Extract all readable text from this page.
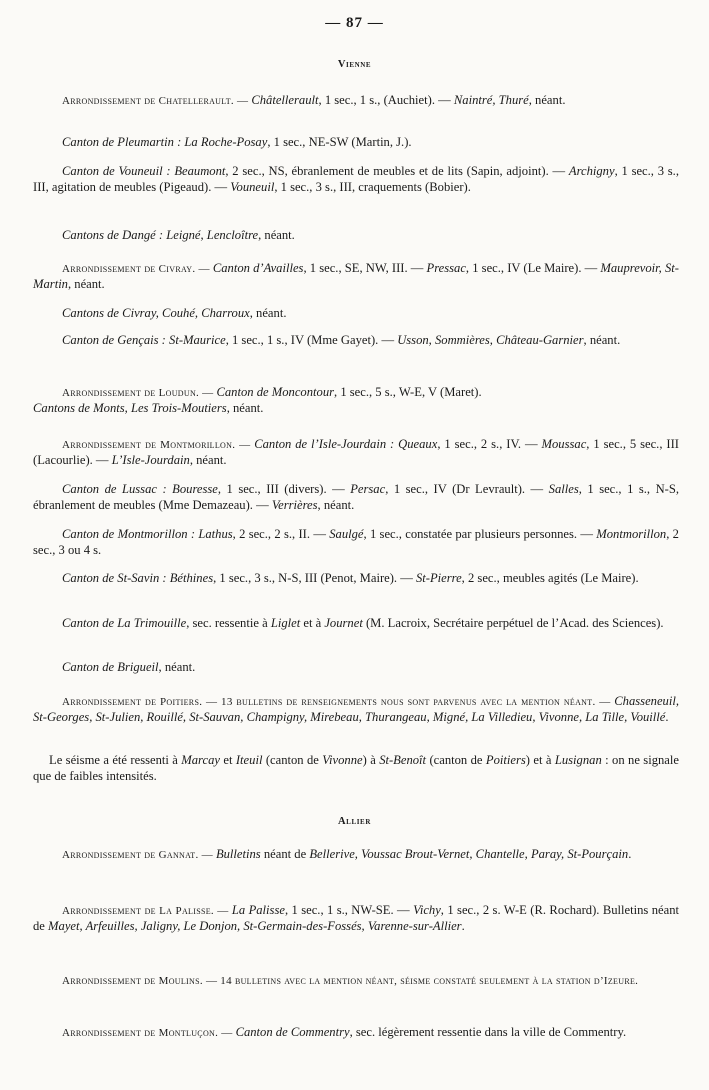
— 87 —
Vienne

Arrondissement de Chatellerault. — Châtellerault, 1 sec., 1 s., (Auchiet). — Naintré, Thuré, néant.

Canton de Pleumartin : La Roche-Posay, 1 sec., NE-SW (Martin, J.).

Canton de Vouneuil : Beaumont, 2 sec., NS, ébranlement de meubles et de lits (Sapin, adjoint). — Archigny, 1 sec., 3 s., III, agitation de meubles (Pigeaud). — Vouneuil, 1 sec., 3 s., III, craquements (Bobier).

Cantons de Dangé : Leigné, Lencloître, néant.

Arrondissement de Civray. — Canton d’Availles, 1 sec., SE, NW, III. — Pressac, 1 sec., IV (Le Maire). — Mauprevoir, St-Martin, néant.

Cantons de Civray, Couhé, Charroux, néant.

Canton de Gençais : St-Maurice, 1 sec., 1 s., IV (Mme Gayet). — Usson, Sommières, Château-Garnier, néant.

Arrondissement de Loudun. — Canton de Moncontour, 1 sec., 5 s., W-E, V (Maret).
Cantons de Monts, Les Trois-Moutiers, néant.

Arrondissement de Montmorillon. — Canton de l’Isle-Jourdain : Queaux, 1 sec., 2 s., IV. — Moussac, 1 sec., 5 sec., III (Lacourlie). — L’Isle-Jourdain, néant.

Canton de Lussac : Bouresse, 1 sec., III (divers). — Persac, 1 sec., IV (Dr Levrault). — Salles, 1 sec., 1 s., N-S, ébranlement de meubles (Mme Demazeau). — Verrières, néant.

Canton de Montmorillon : Lathus, 2 sec., 2 s., II. — Saulgé, 1 sec., constatée par plusieurs personnes. — Montmorillon, 2 sec., 3 ou 4 s.

Canton de St-Savin : Béthines, 1 sec., 3 s., N-S, III (Penot, Maire). — St-Pierre, 2 sec., meubles agités (Le Maire).

Canton de La Trimouille, sec. ressentie à Liglet et à Journet (M. Lacroix, Secrétaire perpétuel de l’Acad. des Sciences).

Canton de Brigueil, néant.

Arrondissement de Poitiers. — 13 bulletins de renseignements nous sont parvenus avec la mention néant. — Chasseneuil, St-Georges, St-Julien, Rouillé, St-Sauvan, Champigny, Mirebeau, Thurangeau, Migné, La Villedieu, Vivonne, La Tille, Vouillé.

Le séisme a été ressenti à Marcay et Iteuil (canton de Vivonne) à St-Benoît (canton de Poitiers) et à Lusignan : on ne signale que de faibles intensités.

Allier

Arrondissement de Gannat. — Bulletins néant de Bellerive, Voussac Brout-Vernet, Chantelle, Paray, St-Pourçain.

Arrondissement de La Palisse. — La Palisse, 1 sec., 1 s., NW-SE. — Vichy, 1 sec., 2 s. W-E (R. Rochard). Bulletins néant de Mayet, Arfeuilles, Jaligny, Le Donjon, St-Germain-des-Fossés, Varenne-sur-Allier.

Arrondissement de Moulins. — 14 bulletins avec la mention néant, séisme constaté seulement à la station d’Izeure.

Arrondissement de Montluçon. — Canton de Commentry, sec. légèrement ressentie dans la ville de Commentry.
